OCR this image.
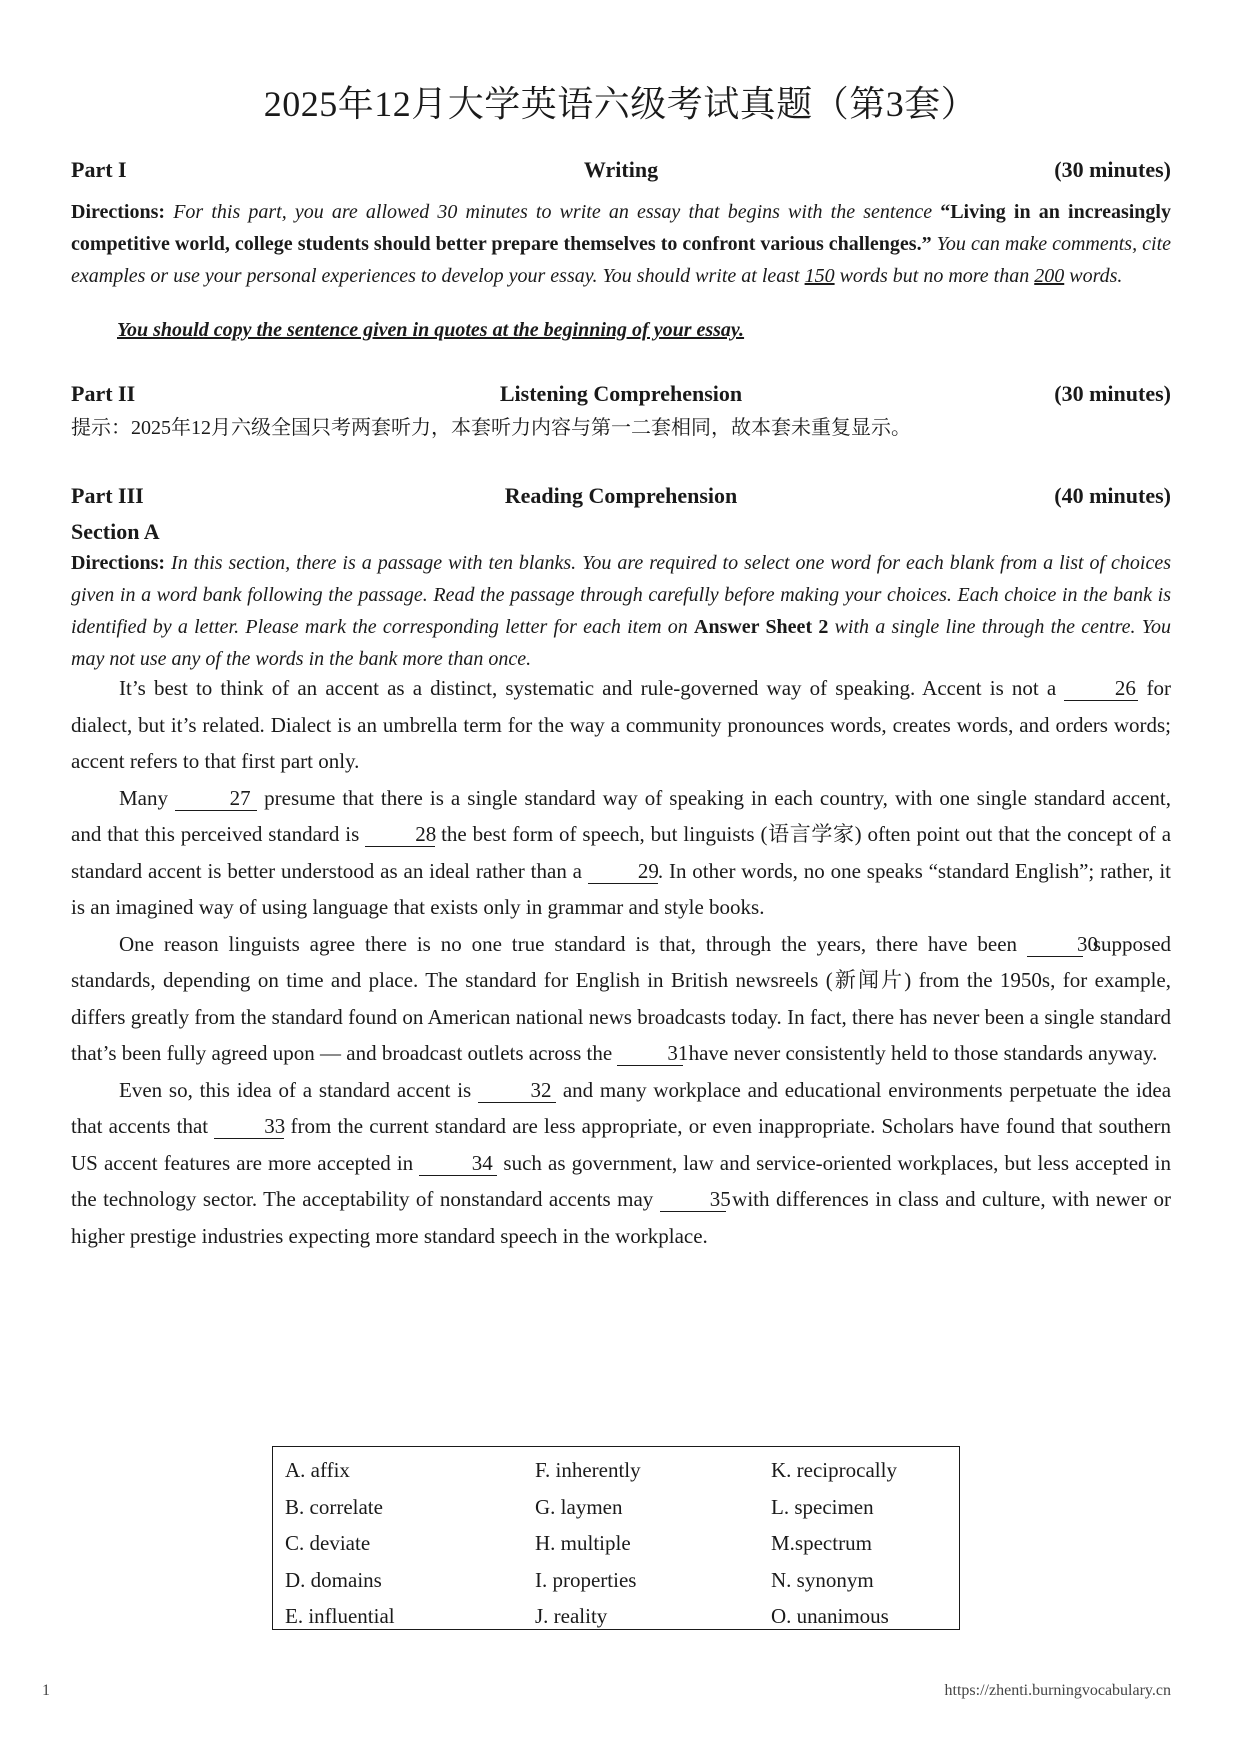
2025年12月大学英语六级考试真题（第3套）
Part I	Writing	(30 minutes)
Directions: For this part, you are allowed 30 minutes to write an essay that begins with the sentence “Living in an increasingly competitive world, college students should better prepare themselves to confront various challenges.” You can make comments, cite examples or use your personal experiences to develop your essay. You should write at least 150 words but no more than 200 words.
You should copy the sentence given in quotes at the beginning of your essay.
Part II	Listening Comprehension	(30 minutes)
提示：2025年12月六级全国只考两套听力，本套听力内容与第一二套相同，故本套未重复显示。
Part III	Reading Comprehension	(40 minutes)
Section A
Directions: In this section, there is a passage with ten blanks. You are required to select one word for each blank from a list of choices given in a word bank following the passage. Read the passage through carefully before making your choices. Each choice in the bank is identified by a letter. Please mark the corresponding letter for each item on Answer Sheet 2 with a single line through the centre. You may not use any of the words in the bank more than once.

It’s best to think of an accent as a distinct, systematic and rule-governed way of speaking. Accent is not a	26 for dialect, but it’s related. Dialect is an umbrella term for the way a community pronounces words, creates words, and orders words; accent refers to that first part only.

Many	27 presume that there is a single standard way of speaking in each country, with one single standard accent, and that this perceived standard is	28 the best form of speech, but linguists (语言学家) often point out that the concept of a standard accent is better understood as an ideal rather than a	29. In other words, no one speaks “standard English”; rather, it is an imagined way of using language that exists only in grammar and style books.

One reason linguists agree there is no one true standard is that, through the years, there have been	30 supposed standards, depending on time and place. The standard for English in British newsreels (新闻片) from the 1950s, for example, differs greatly from the standard found on American national news broadcasts today. In fact, there has never been a single standard that’s been fully agreed upon — and broadcast outlets across the	31 have never consistently held to those standards anyway.

Even so, this idea of a standard accent is	32 and many workplace and educational environments perpetuate the idea that accents that	33 from the current standard are less appropriate, or even inappropriate. Scholars have found that southern US accent features are more accepted in	34 such as government, law and service-oriented workplaces, but less accepted in the technology sector. The acceptability of nonstandard accents may	35 with differences in class and culture, with newer or higher prestige industries expecting more standard speech in the workplace.

A. affix	F. inherently	K. reciprocally
B. correlate	G. laymen	L. specimen
C. deviate	H. multiple	M.spectrum
D. domains	I. properties	N. synonym
E. influential	J. reality	O. unanimous
1	https://zhenti.burningvocabulary.cn
